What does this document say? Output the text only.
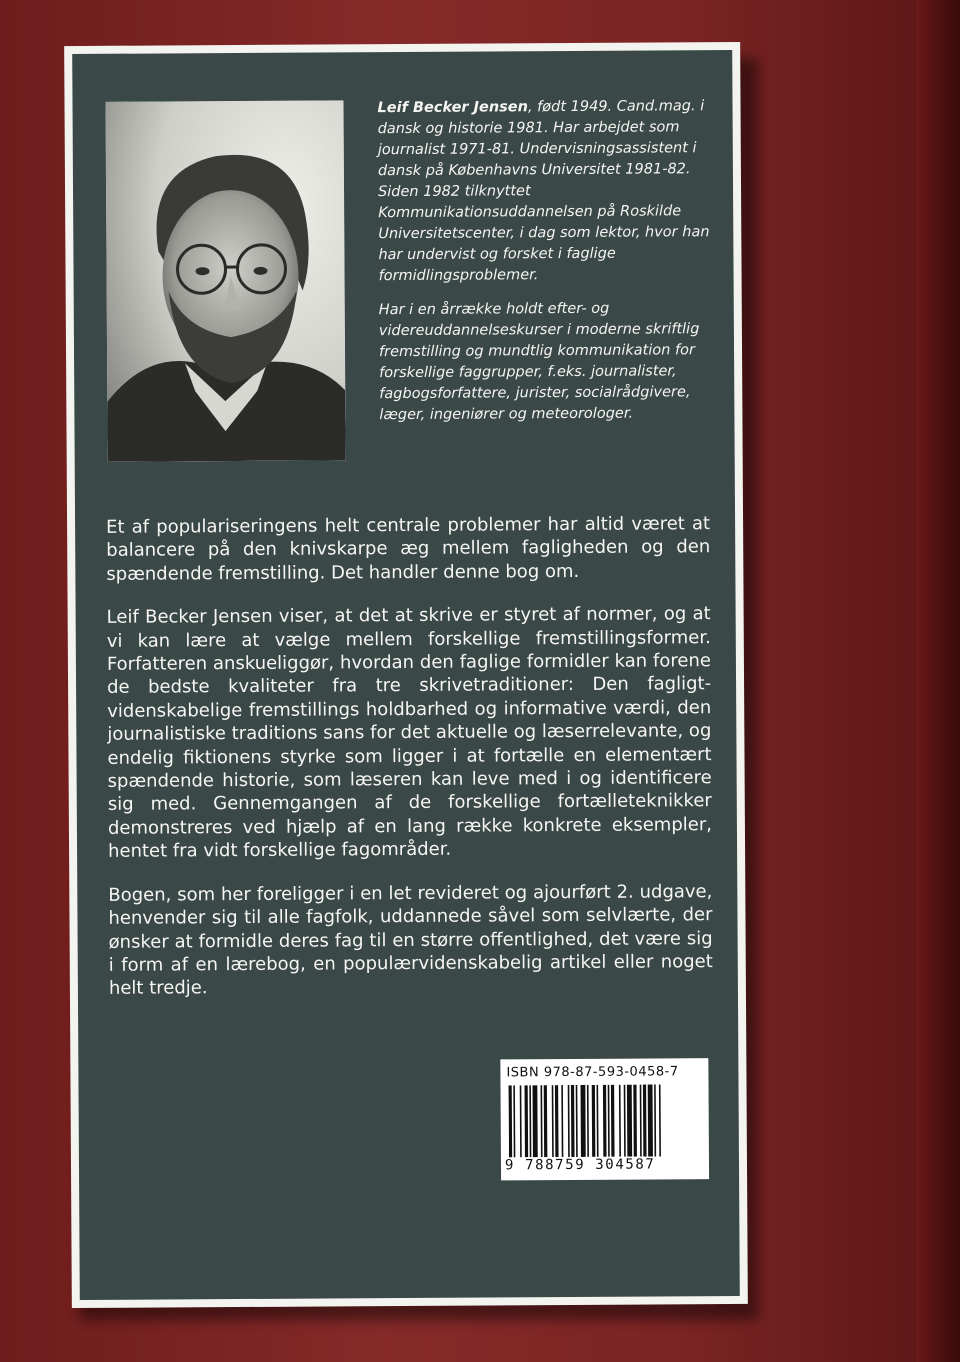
Leif Becker Jensen, født 1949. Cand.mag. i dansk og historie 1981. Har arbejdet som journalist 1971-81. Undervisningsassistent i dansk på Københavns Universitet 1981-82. Siden 1982 tilknyttet Kommunikationsuddannelsen på Roskilde Universitetscenter, i dag som lektor, hvor han har undervist og forsket i faglige formidlingsproblemer.

Har i en årrække holdt efter- og videreuddannelseskurser i moderne skriftlig fremstilling og mundtlig kommunikation for forskellige faggrupper, f.eks. journalister, fagbogsforfattere, jurister, socialrådgivere, læger, ingeniører og meteorologer.

Et af populariseringens helt centrale problemer har altid været at balancere på den knivskarpe æg mellem fagligheden og den spændende fremstilling. Det handler denne bog om.

Leif Becker Jensen viser, at det at skrive er styret af normer, og at vi kan lære at vælge mellem forskellige fremstillingsformer. Forfatteren anskueliggør, hvordan den faglige formidler kan forene de bedste kvaliteter fra tre skrivetraditioner: Den fagligt- videnskabelige fremstillings holdbarhed og informative værdi, den journalistiske traditions sans for det aktuelle og læserrelevante, og endelig fiktionens styrke som ligger i at fortælle en elementært spændende historie, som læseren kan leve med i og identificere sig med. Gennemgangen af de forskellige fortælleteknikker demonstreres ved hjælp af en lang række konkrete eksempler, hentet fra vidt forskellige fagområder.

Bogen, som her foreligger i en let revideret og ajourført 2. udgave, henvender sig til alle fagfolk, uddannede såvel som selvlærte, der ønsker at formidle deres fag til en større offentlighed, det være sig i form af en lærebog, en populærvidenskabelig artikel eller noget helt tredje.

ISBN 978-87-593-0458-7
9 788759 304587
